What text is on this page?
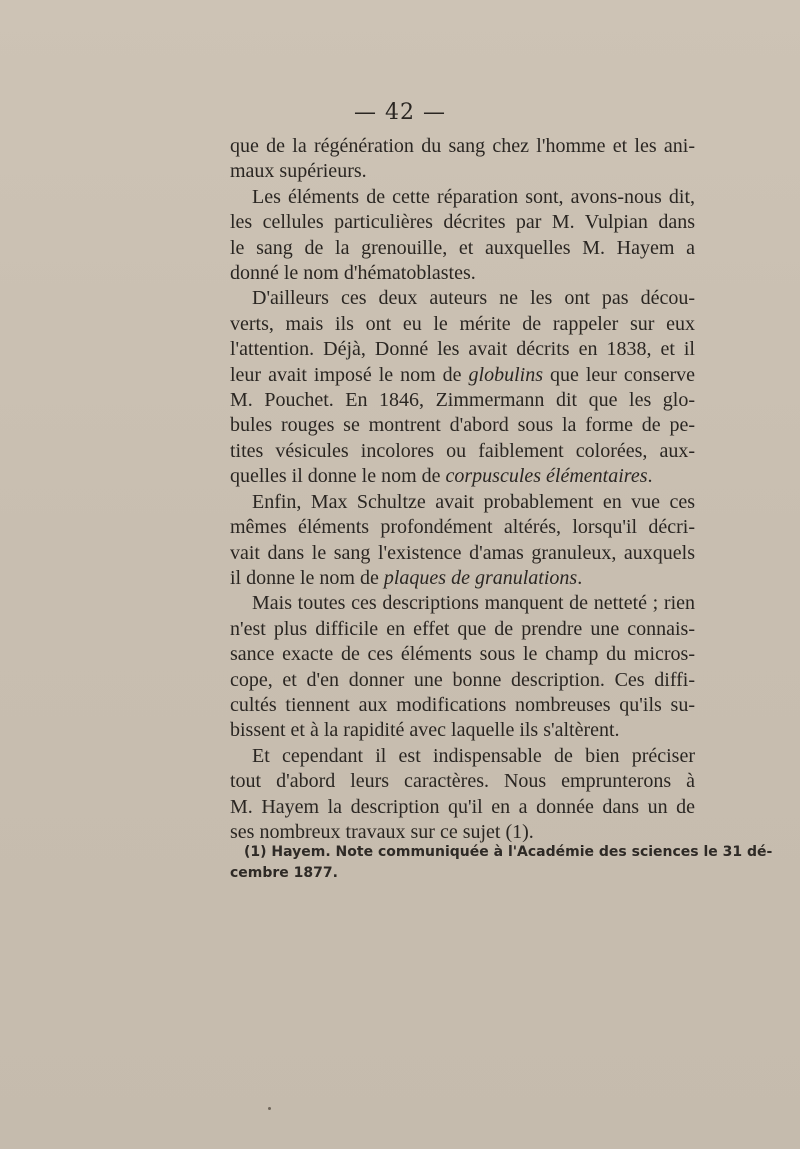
— 42 —

que de la régénération du sang chez l'homme et les ani-
maux supérieurs.

Les éléments de cette réparation sont, avons-nous dit,
les cellules particulières décrites par M. Vulpian dans
le sang de la grenouille, et auxquelles M. Hayem a
donné le nom d'hématoblastes.

D'ailleurs ces deux auteurs ne les ont pas décou-
verts, mais ils ont eu le mérite de rappeler sur eux
l'attention. Déjà, Donné les avait décrits en 1838, et il
leur avait imposé le nom de globulins que leur conserve
M. Pouchet. En 1846, Zimmermann dit que les glo-
bules rouges se montrent d'abord sous la forme de pe-
tites vésicules incolores ou faiblement colorées, aux-
quelles il donne le nom de corpuscules élémentaires.

Enfin, Max Schultze avait probablement en vue ces
mêmes éléments profondément altérés, lorsqu'il décri-
vait dans le sang l'existence d'amas granuleux, auxquels
il donne le nom de plaques de granulations.

Mais toutes ces descriptions manquent de netteté ; rien
n'est plus difficile en effet que de prendre une connais-
sance exacte de ces éléments sous le champ du micros-
cope, et d'en donner une bonne description. Ces diffi-
cultés tiennent aux modifications nombreuses qu'ils su-
bissent et à la rapidité avec laquelle ils s'altèrent.

Et cependant il est indispensable de bien préciser
tout d'abord leurs caractères. Nous emprunterons à
M. Hayem la description qu'il en a donnée dans un de
ses nombreux travaux sur ce sujet (1).

(1) Hayem. Note communiquée à l'Académie des sciences le 31 dé-
cembre 1877.
